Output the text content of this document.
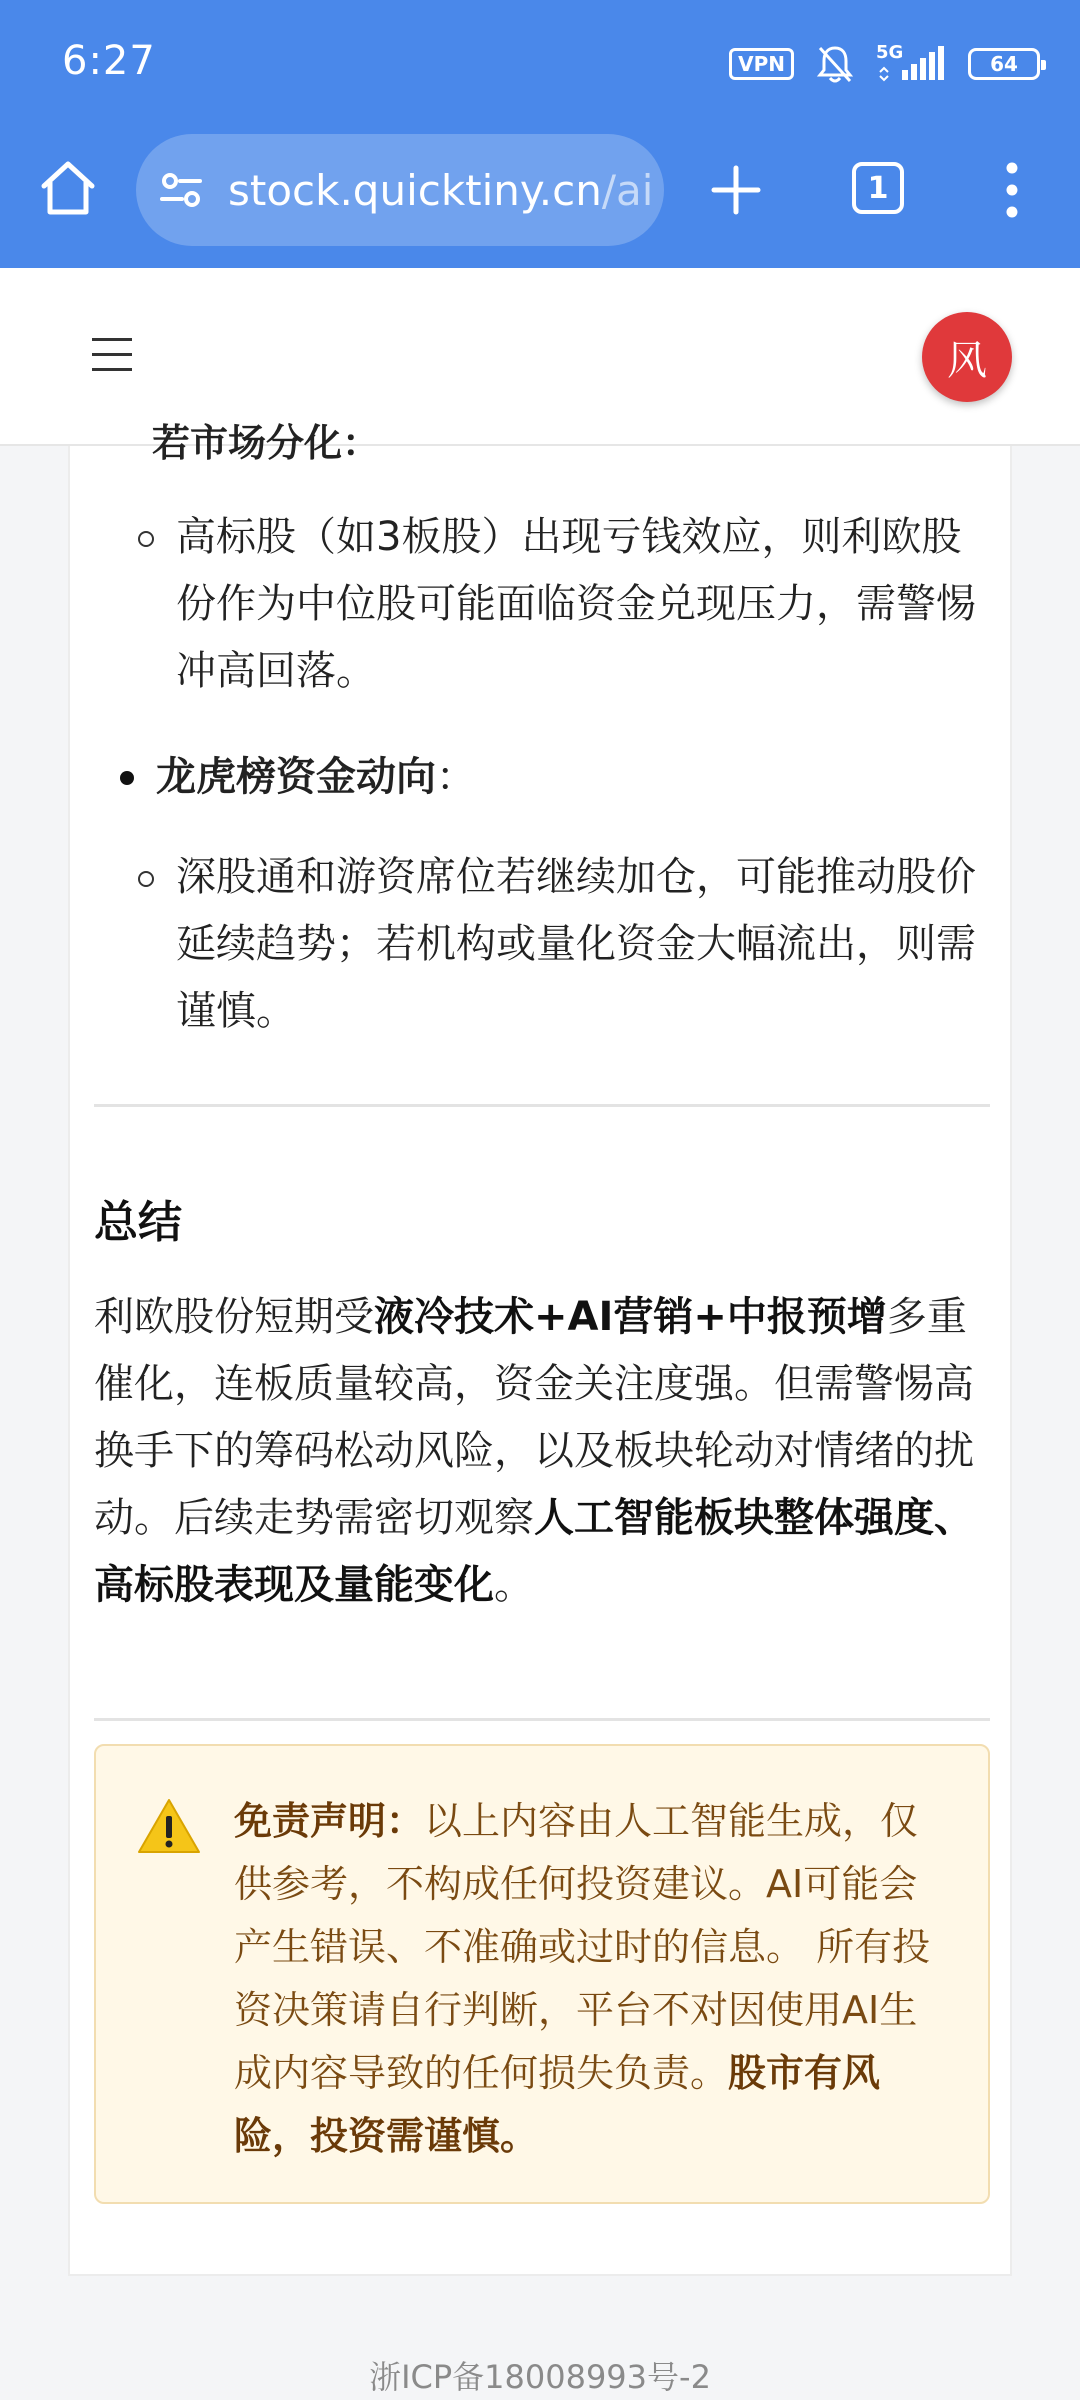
6:27	VPN	5G	64
stock.quicktiny.cn/ai	1
风
若市场分化：
高标股（如3板股）出现亏钱效应，则利欧股份作为中位股可能面临资金兑现压力，需警惕冲高回落。
龙虎榜资金动向：
深股通和游资席位若继续加仓，可能推动股价延续趋势；若机构或量化资金大幅流出，则需谨慎。
总结
利欧股份短期受液冷技术+AI营销+中报预增多重催化，连板质量较高，资金关注度强。但需警惕高换手下的筹码松动风险，以及板块轮动对情绪的扰动。后续走势需密切观察人工智能板块整体强度、高标股表现及量能变化。
免责声明：以上内容由人工智能生成，仅供参考，不构成任何投资建议。AI可能会产生错误、不准确或过时的信息。 所有投资决策请自行判断，平台不对因使用AI生成内容导致的任何损失负责。股市有风险，投资需谨慎。
浙ICP备18008993号-2
